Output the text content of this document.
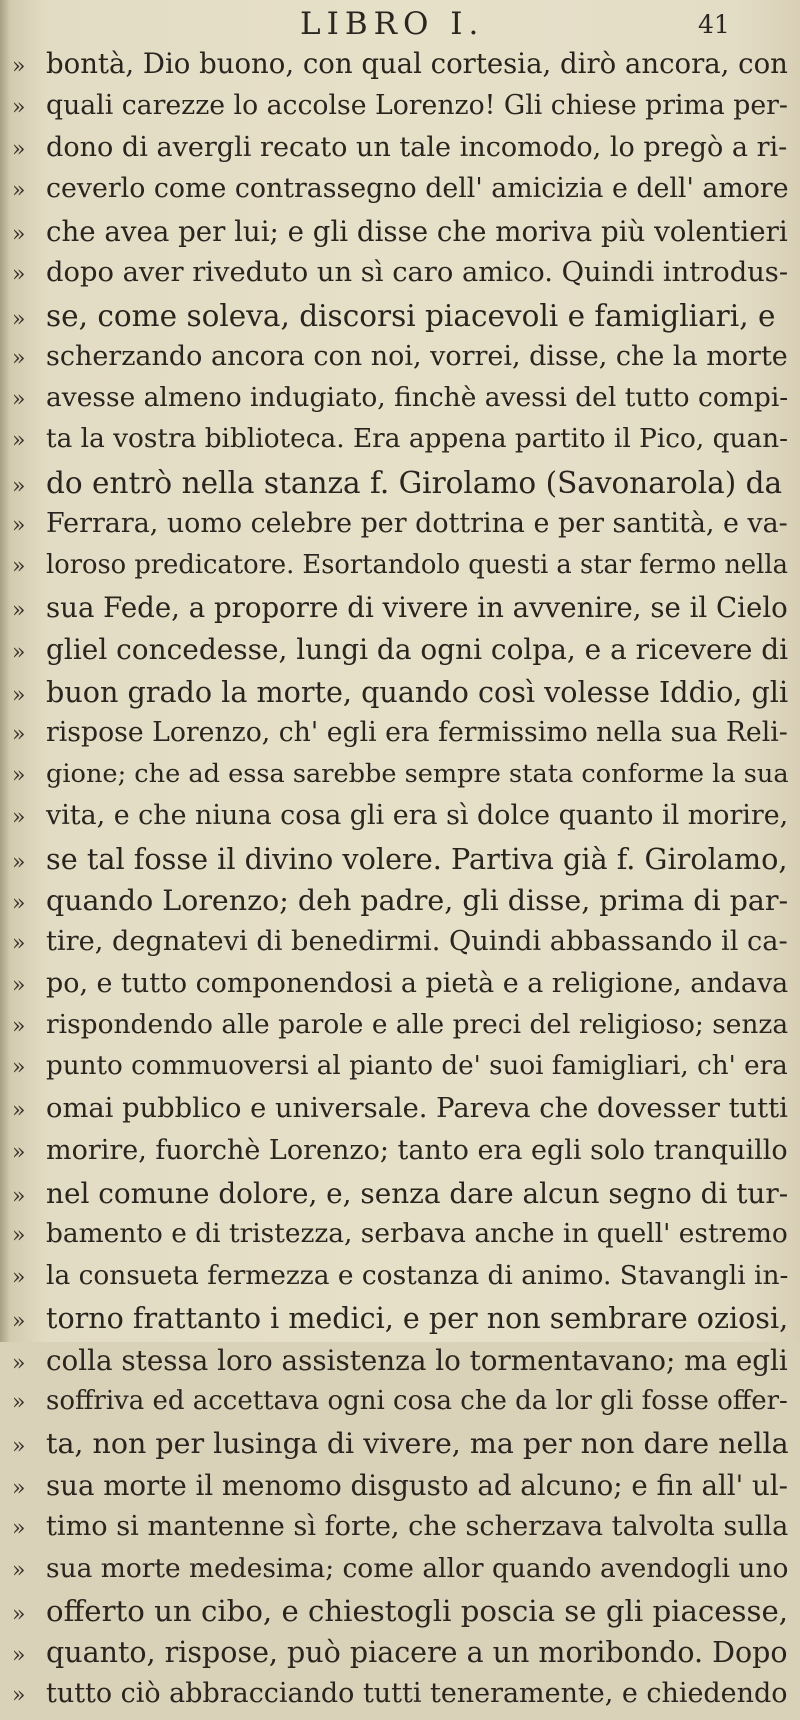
LIBRO I.	41
» bontà, Dio buono, con qual cortesia, dirò ancora, con
» quali carezze lo accolse Lorenzo! Gli chiese prima per-
» dono di avergli recato un tale incomodo, lo pregò a ri-
» ceverlo come contrassegno dell' amicizia e dell' amore
» che avea per lui; e gli disse che moriva più volentieri
» dopo aver riveduto un sì caro amico. Quindi introdus-
» se, come soleva, discorsi piacevoli e famigliari, e
» scherzando ancora con noi, vorrei, disse, che la morte
» avesse almeno indugiato, finchè avessi del tutto compi-
» ta la vostra biblioteca. Era appena partito il Pico, quan-
» do entrò nella stanza f. Girolamo (Savonarola) da
» Ferrara, uomo celebre per dottrina e per santità, e va-
» loroso predicatore. Esortandolo questi a star fermo nella
» sua Fede, a proporre di vivere in avvenire, se il Cielo
» gliel concedesse, lungi da ogni colpa, e a ricevere di
» buon grado la morte, quando così volesse Iddio, gli
» rispose Lorenzo, ch' egli era fermissimo nella sua Reli-
» gione; che ad essa sarebbe sempre stata conforme la sua
» vita, e che niuna cosa gli era sì dolce quanto il morire,
» se tal fosse il divino volere. Partiva già f. Girolamo,
» quando Lorenzo; deh padre, gli disse, prima di par-
» tire, degnatevi di benedirmi. Quindi abbassando il ca-
» po, e tutto componendosi a pietà e a religione, andava
» rispondendo alle parole e alle preci del religioso; senza
» punto commuoversi al pianto de' suoi famigliari, ch' era
» omai pubblico e universale. Pareva che dovesser tutti
» morire, fuorchè Lorenzo; tanto era egli solo tranquillo
» nel comune dolore, e, senza dare alcun segno di tur-
» bamento e di tristezza, serbava anche in quell' estremo
» la consueta fermezza e costanza di animo. Stavangli in-
» torno frattanto i medici, e per non sembrare oziosi,
» colla stessa loro assistenza lo tormentavano; ma egli
» soffriva ed accettava ogni cosa che da lor gli fosse offer-
» ta, non per lusinga di vivere, ma per non dare nella
» sua morte il menomo disgusto ad alcuno; e fin all' ul-
» timo si mantenne sì forte, che scherzava talvolta sulla
» sua morte medesima; come allor quando avendogli uno
» offerto un cibo, e chiestogli poscia se gli piacesse,
» quanto, rispose, può piacere a un moribondo. Dopo
» tutto ciò abbracciando tutti teneramente, e chiedendo
